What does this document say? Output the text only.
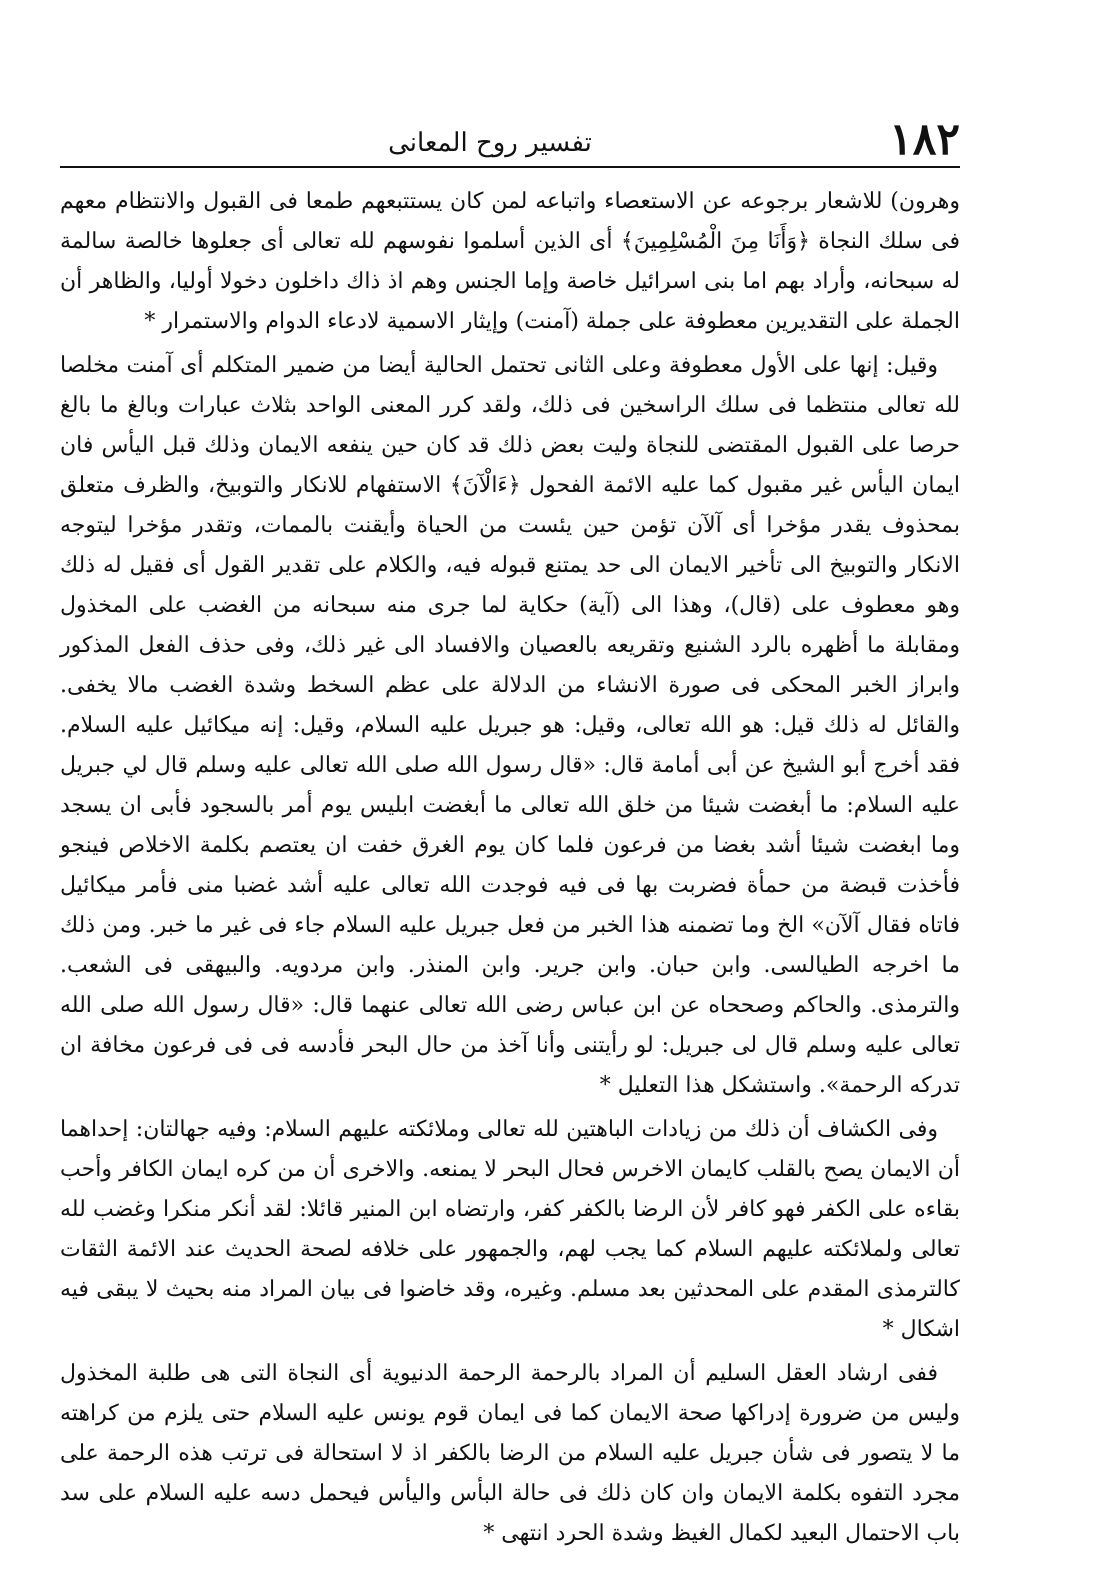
١٨٢
تفسير روح المعانى

وهرون) للاشعار برجوعه عن الاستعصاء واتباعه لمن كان يستتبعهم طمعا فى القبول والانتظام معهم فى سلك النجاة ﴿وَأَنَا مِنَ الْمُسْلِمِينَ﴾ أى الذين أسلموا نفوسهم لله تعالى أى جعلوها خالصة سالمة له سبحانه، وأراد بهم اما بنى اسرائيل خاصة وإما الجنس وهم اذ ذاك داخلون دخولا أوليا، والظاهر أن الجملة على التقديرين معطوفة على جملة (آمنت) وإيثار الاسمية لادعاء الدوام والاستمرار *

وقيل: إنها على الأول معطوفة وعلى الثانى تحتمل الحالية أيضا من ضمير المتكلم أى آمنت مخلصا لله تعالى منتظما فى سلك الراسخين فى ذلك، ولقد كرر المعنى الواحد بثلاث عبارات وبالغ ما بالغ حرصا على القبول المقتضى للنجاة وليت بعض ذلك قد كان حين ينفعه الايمان وذلك قبل اليأس فان ايمان اليأس غير مقبول كما عليه الائمة الفحول ﴿ءَالْآنَ﴾ الاستفهام للانكار والتوبيخ، والظرف متعلق بمحذوف يقدر مؤخرا أى آلآن تؤمن حين يئست من الحياة وأيقنت بالممات، وتقدر مؤخرا ليتوجه الانكار والتوبيخ الى تأخير الايمان الى حد يمتنع قبوله فيه، والكلام على تقدير القول أى فقيل له ذلك وهو معطوف على (قال)، وهذا الى (آية) حكاية لما جرى منه سبحانه من الغضب على المخذول ومقابلة ما أظهره بالرد الشنيع وتقريعه بالعصيان والافساد الى غير ذلك، وفى حذف الفعل المذكور وابراز الخبر المحكى فى صورة الانشاء من الدلالة على عظم السخط وشدة الغضب مالا يخفى. والقائل له ذلك قيل: هو الله تعالى، وقيل: هو جبريل عليه السلام، وقيل: إنه ميكائيل عليه السلام. فقد أخرج أبو الشيخ عن أبى أمامة قال: «قال رسول الله صلى الله تعالى عليه وسلم قال لي جبريل عليه السلام: ما أبغضت شيئا من خلق الله تعالى ما أبغضت ابليس يوم أمر بالسجود فأبى ان يسجد وما ابغضت شيئا أشد بغضا من فرعون فلما كان يوم الغرق خفت ان يعتصم بكلمة الاخلاص فينجو فأخذت قبضة من حمأة فضربت بها فى فيه فوجدت الله تعالى عليه أشد غضبا منى فأمر ميكائيل فاتاه فقال آلآن» الخ وما تضمنه هذا الخبر من فعل جبريل عليه السلام جاء فى غير ما خبر. ومن ذلك ما اخرجه الطيالسى. وابن حبان. وابن جرير. وابن المنذر. وابن مردويه. والبيهقى فى الشعب. والترمذى. والحاكم وصححاه عن ابن عباس رضى الله تعالى عنهما قال: «قال رسول الله صلى الله تعالى عليه وسلم قال لى جبريل: لو رأيتنى وأنا آخذ من حال البحر فأدسه فى فى فرعون مخافة ان تدركه الرحمة». واستشكل هذا التعليل *

وفى الكشاف أن ذلك من زيادات الباهتين لله تعالى وملائكته عليهم السلام: وفيه جهالتان: إحداهما أن الايمان يصح بالقلب كايمان الاخرس فحال البحر لا يمنعه. والاخرى أن من كره ايمان الكافر وأحب بقاءه على الكفر فهو كافر لأن الرضا بالكفر كفر، وارتضاه ابن المنير قائلا: لقد أنكر منكرا وغضب لله تعالى ولملائكته عليهم السلام كما يجب لهم، والجمهور على خلافه لصحة الحديث عند الائمة الثقات كالترمذى المقدم على المحدثين بعد مسلم. وغيره، وقد خاضوا فى بيان المراد منه بحيث لا يبقى فيه اشكال *

ففى ارشاد العقل السليم أن المراد بالرحمة الرحمة الدنيوية أى النجاة التى هى طلبة المخذول وليس من ضرورة إدراكها صحة الايمان كما فى ايمان قوم يونس عليه السلام حتى يلزم من كراهته ما لا يتصور فى شأن جبريل عليه السلام من الرضا بالكفر اذ لا استحالة فى ترتب هذه الرحمة على مجرد التفوه بكلمة الايمان وان كان ذلك فى حالة البأس واليأس فيحمل دسه عليه السلام على سد باب الاحتمال البعيد لكمال الغيظ وشدة الحرد انتهى *
